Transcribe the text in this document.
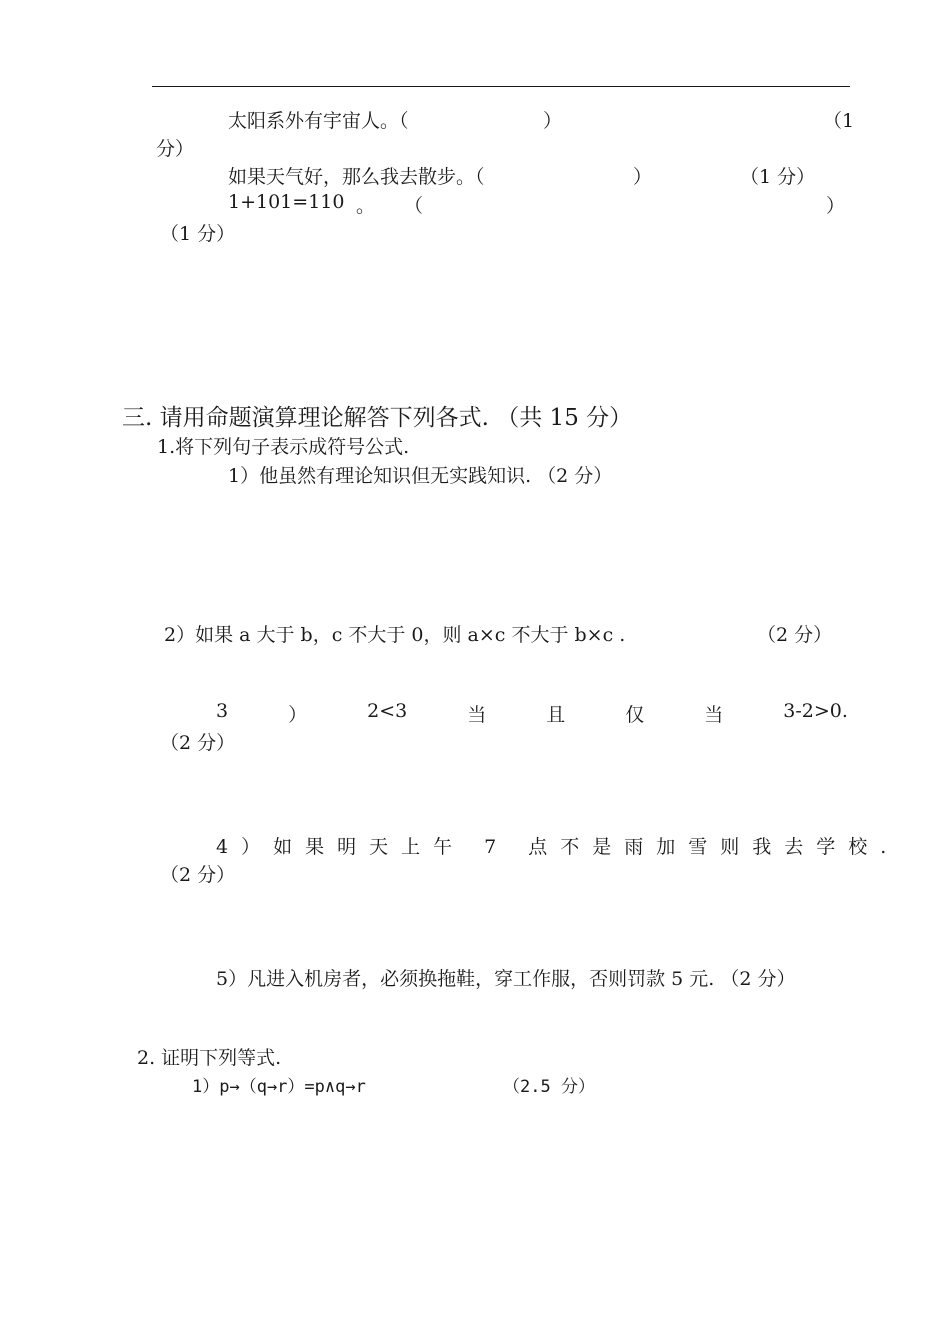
太阳系外有宇宙人。（	）	（1
分）
如果天气好，那么我去散步。（	）	（1 分）
1+101=110 。 （	）
（1 分）
三. 请用命题演算理论解答下列各式. （共 15 分）
1.将下列句子表示成符号公式.
1）他虽然有理论知识但无实践知识. （2 分）
2）如果 a 大于 b，c 不大于 0，则 a×c 不大于 b×c .	（2 分）
3	）	2<3	当	且	仅	当	3-2>0.
（2 分）
4）如果明天上午 7 点不是雨加雪则我去学校.
（2 分）
5）凡进入机房者，必须换拖鞋，穿工作服，否则罚款 5 元. （2 分）
2. 证明下列等式.
1）p→（q→r）=p∧q→r	（2.5 分）
